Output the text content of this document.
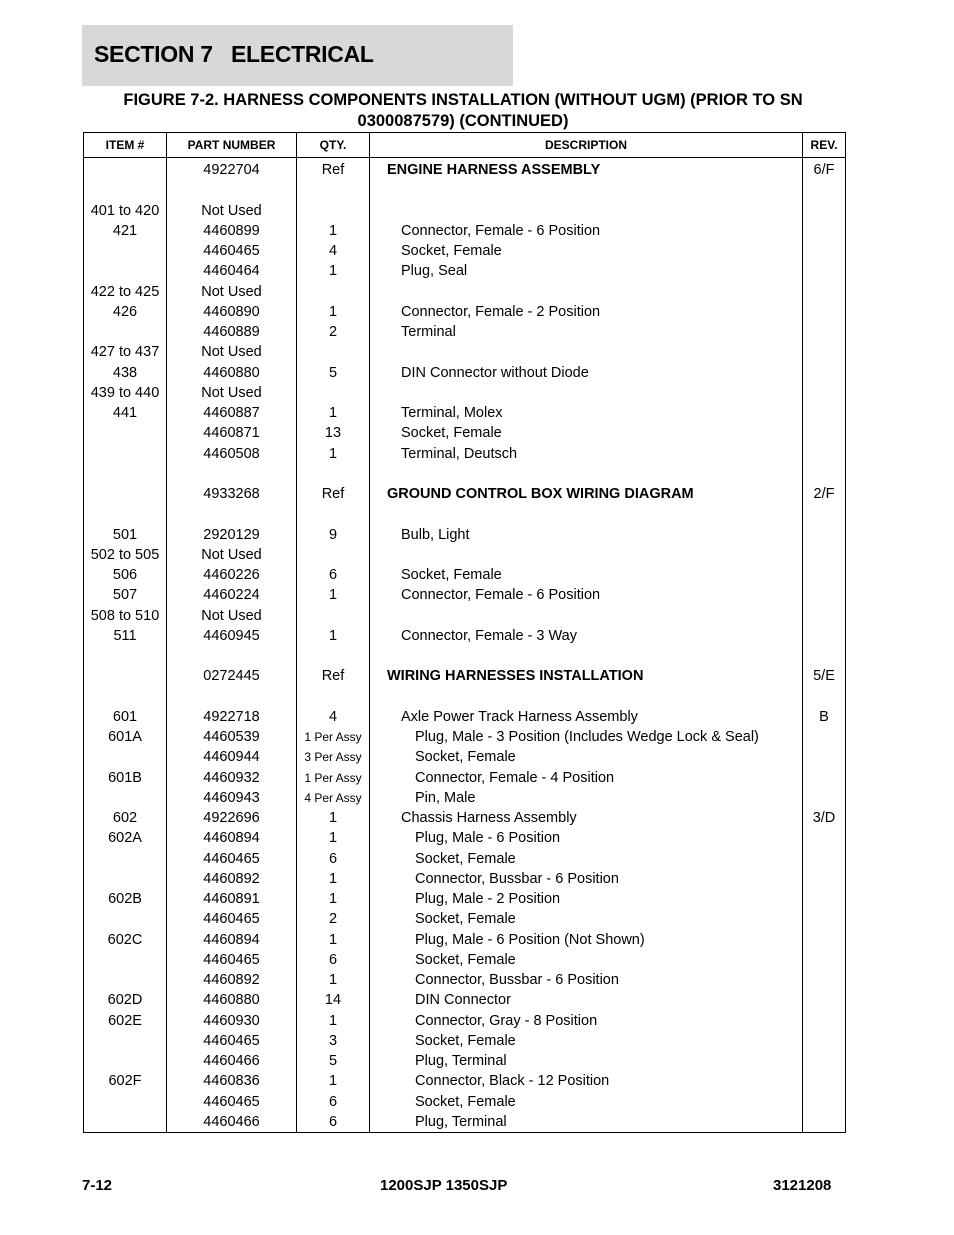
SECTION 7   ELECTRICAL
FIGURE 7-2. HARNESS COMPONENTS INSTALLATION (WITHOUT UGM) (PRIOR TO SN 0300087579) (CONTINUED)
ITEM #	PART NUMBER	QTY.	DESCRIPTION	REV.
	4922704	Ref	ENGINE HARNESS ASSEMBLY	6/F

401 to 420	Not Used			
421	4460899	1	Connector, Female - 6 Position	
	4460465	4	Socket, Female	
	4460464	1	Plug, Seal	
422 to 425	Not Used			
426	4460890	1	Connector, Female - 2 Position	
	4460889	2	Terminal	
427 to 437	Not Used			
438	4460880	5	DIN Connector without Diode	
439 to 440	Not Used			
441	4460887	1	Terminal, Molex	
	4460871	13	Socket, Female	
	4460508	1	Terminal, Deutsch	

	4933268	Ref	GROUND CONTROL BOX WIRING DIAGRAM	2/F

501	2920129	9	Bulb, Light	
502 to 505	Not Used			
506	4460226	6	Socket, Female	
507	4460224	1	Connector, Female - 6 Position	
508 to 510	Not Used			
511	4460945	1	Connector, Female - 3 Way	

	0272445	Ref	WIRING HARNESSES INSTALLATION	5/E

601	4922718	4	Axle Power Track Harness Assembly	B
601A	4460539	1 Per Assy	Plug, Male - 3 Position (Includes Wedge Lock & Seal)	
	4460944	3 Per Assy	Socket, Female	
601B	4460932	1 Per Assy	Connector, Female - 4 Position	
	4460943	4 Per Assy	Pin, Male	
602	4922696	1	Chassis Harness Assembly	3/D
602A	4460894	1	Plug, Male - 6 Position	
	4460465	6	Socket, Female	
	4460892	1	Connector, Bussbar - 6 Position	
602B	4460891	1	Plug, Male - 2 Position	
	4460465	2	Socket, Female	
602C	4460894	1	Plug, Male - 6 Position (Not Shown)	
	4460465	6	Socket, Female	
	4460892	1	Connector, Bussbar - 6 Position	
602D	4460880	14	DIN Connector	
602E	4460930	1	Connector, Gray - 8 Position	
	4460465	3	Socket, Female	
	4460466	5	Plug, Terminal	
602F	4460836	1	Connector, Black - 12 Position	
	4460465	6	Socket, Female	
	4460466	6	Plug, Terminal	
7-12	1200SJP 1350SJP	3121208
